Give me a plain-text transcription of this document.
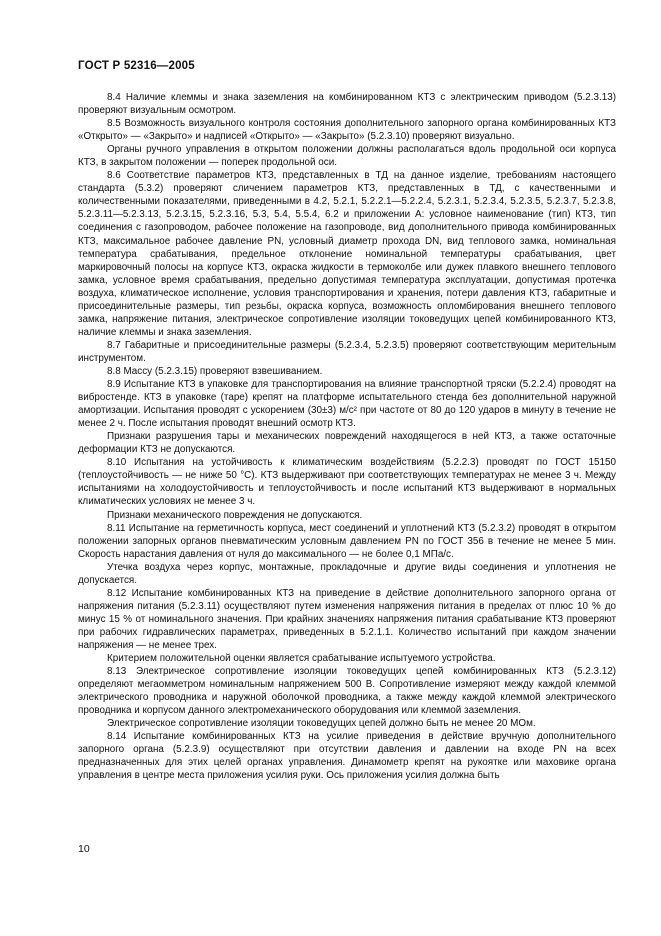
ГОСТ Р 52316—2005

8.4 Наличие клеммы и знака заземления на комбинированном КТЗ с электрическим приводом (5.2.3.13) проверяют визуальным осмотром.

8.5 Возможность визуального контроля состояния дополнительного запорного органа комбинированных КТЗ «Открыто» — «Закрыто» и надписей «Открыто» — «Закрыто» (5.2.3.10) проверяют визуально.

Органы ручного управления в открытом положении должны располагаться вдоль продольной оси корпуса КТЗ, в закрытом положении — поперек продольной оси.

8.6 Соответствие параметров КТЗ, представленных в ТД на данное изделие, требованиям настоящего стандарта (5.3.2) проверяют сличением параметров КТЗ, представленных в ТД, с качественными и количественными показателями, приведенными в 4.2, 5.2.1, 5.2.2.1—5.2.2.4, 5.2.3.1, 5.2.3.4, 5.2.3.5, 5.2.3.7, 5.2.3.8, 5.2.3.11—5.2.3.13, 5.2.3.15, 5.2.3.16, 5.3, 5.4, 5.5.4, 6.2 и приложении А: условное наименование (тип) КТЗ, тип соединения с газопроводом, рабочее положение на газопроводе, вид дополнительного привода комбинированных КТЗ, максимальное рабочее давление PN, условный диаметр прохода DN, вид теплового замка, номинальная температура срабатывания, предельное отклонение номинальной температуры срабатывания, цвет маркировочный полосы на корпусе КТЗ, окраска жидкости в термоколбе или дужек плавкого внешнего теплового замка, условное время срабатывания, предельно допустимая температура эксплуатации, допустимая протечка воздуха, климатическое исполнение, условия транспортирования и хранения, потери давления КТЗ, габаритные и присоединительные размеры, тип резьбы, окраска корпуса, возможность опломбирования внешнего теплового замка, напряжение питания, электрическое сопротивление изоляции токоведущих цепей комбинированного КТЗ, наличие клеммы и знака заземления.

8.7 Габаритные и присоединительные размеры (5.2.3.4, 5.2.3.5) проверяют соответствующим мерительным инструментом.

8.8 Массу (5.2.3.15) проверяют взвешиванием.

8.9 Испытание КТЗ в упаковке для транспортирования на влияние транспортной тряски (5.2.2.4) проводят на вибростенде. КТЗ в упаковке (таре) крепят на платформе испытательного стенда без дополнительной наружной амортизации. Испытания проводят с ускорением (30±3) м/с² при частоте от 80 до 120 ударов в минуту в течение не менее 2 ч. После испытания проводят внешний осмотр КТЗ.

Признаки разрушения тары и механических повреждений находящегося в ней КТЗ, а также остаточные деформации КТЗ не допускаются.

8.10 Испытания на устойчивость к климатическим воздействиям (5.2.2.3) проводят по ГОСТ 15150 (теплоустойчивость — не ниже 50 °С). КТЗ выдерживают при соответствующих температурах не менее 3 ч. Между испытаниями на холодоустойчивость и теплоустойчивость и после испытаний КТЗ выдерживают в нормальных климатических условиях не менее 3 ч.

Признаки механического повреждения не допускаются.

8.11 Испытание на герметичность корпуса, мест соединений и уплотнений КТЗ (5.2.3.2) проводят в открытом положении запорных органов пневматическим условным давлением PN по ГОСТ 356 в течение не менее 5 мин. Скорость нарастания давления от нуля до максимального — не более 0,1 МПа/с.

Утечка воздуха через корпус, монтажные, прокладочные и другие виды соединения и уплотнения не допускается.

8.12 Испытание комбинированных КТЗ на приведение в действие дополнительного запорного органа от напряжения питания (5.2.3.11) осуществляют путем изменения напряжения питания в пределах от плюс 10 % до минус 15 % от номинального значения. При крайних значениях напряжения питания срабатывание КТЗ проверяют при рабочих гидравлических параметрах, приведенных в 5.2.1.1. Количество испытаний при каждом значении напряжения — не менее трех.

Критерием положительной оценки является срабатывание испытуемого устройства.

8.13 Электрическое сопротивление изоляции токоведущих цепей комбинированных КТЗ (5.2.3.12) определяют мегаомметром номинальным напряжением 500 В. Сопротивление измеряют между каждой клеммой электрического проводника и наружной оболочкой проводника, а также между каждой клеммой электрического проводника и корпусом данного электромеханического оборудования или клеммой заземления.

Электрическое сопротивление изоляции токоведущих цепей должно быть не менее 20 МОм.

8.14 Испытание комбинированных КТЗ на усилие приведения в действие вручную дополнительного запорного органа (5.2.3.9) осуществляют при отсутствии давления и давлении на входе PN на всех предназначенных для этих целей органах управления. Динамометр крепят на рукоятке или маховике органа управления в центре места приложения усилия руки. Ось приложения усилия должна быть

10
